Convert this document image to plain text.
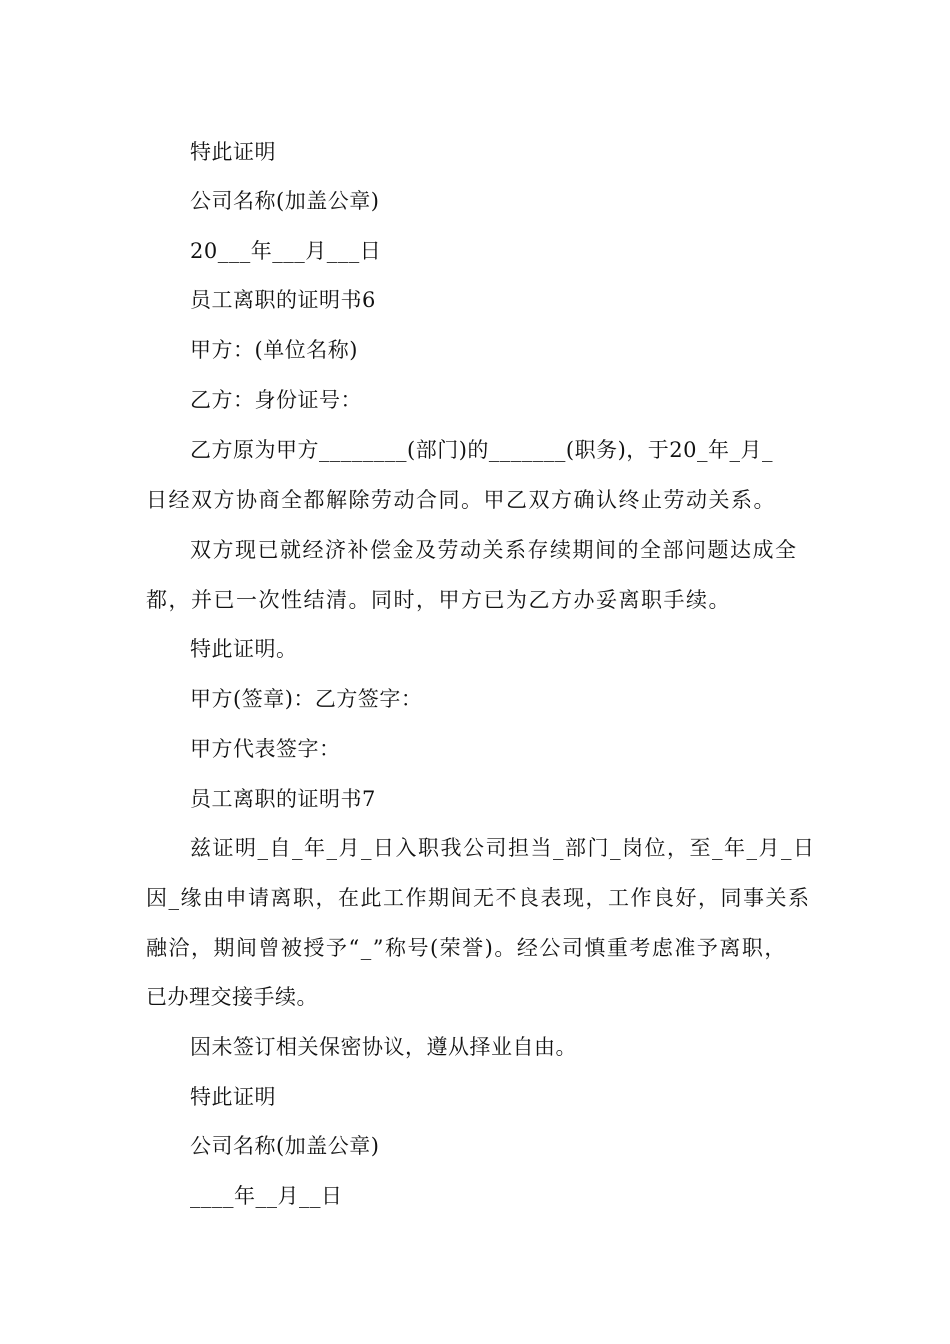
特此证明
公司名称(加盖公章)
20___年___月___日
员工离职的证明书6
甲方：(单位名称)
乙方：身份证号：
乙方原为甲方________(部门)的_______(职务)，于20_年_月_
日经双方协商全都解除劳动合同。甲乙双方确认终止劳动关系。
双方现已就经济补偿金及劳动关系存续期间的全部问题达成全
都，并已一次性结清。同时，甲方已为乙方办妥离职手续。
特此证明。
甲方(签章)：乙方签字：
甲方代表签字：
员工离职的证明书7
兹证明_自_年_月_日入职我公司担当_部门_岗位，至_年_月_日
因_缘由申请离职，在此工作期间无不良表现，工作良好，同事关系
融洽，期间曾被授予“_”称号(荣誉)。经公司慎重考虑准予离职，
已办理交接手续。
因未签订相关保密协议，遵从择业自由。
特此证明
公司名称(加盖公章)
____年__月__日
